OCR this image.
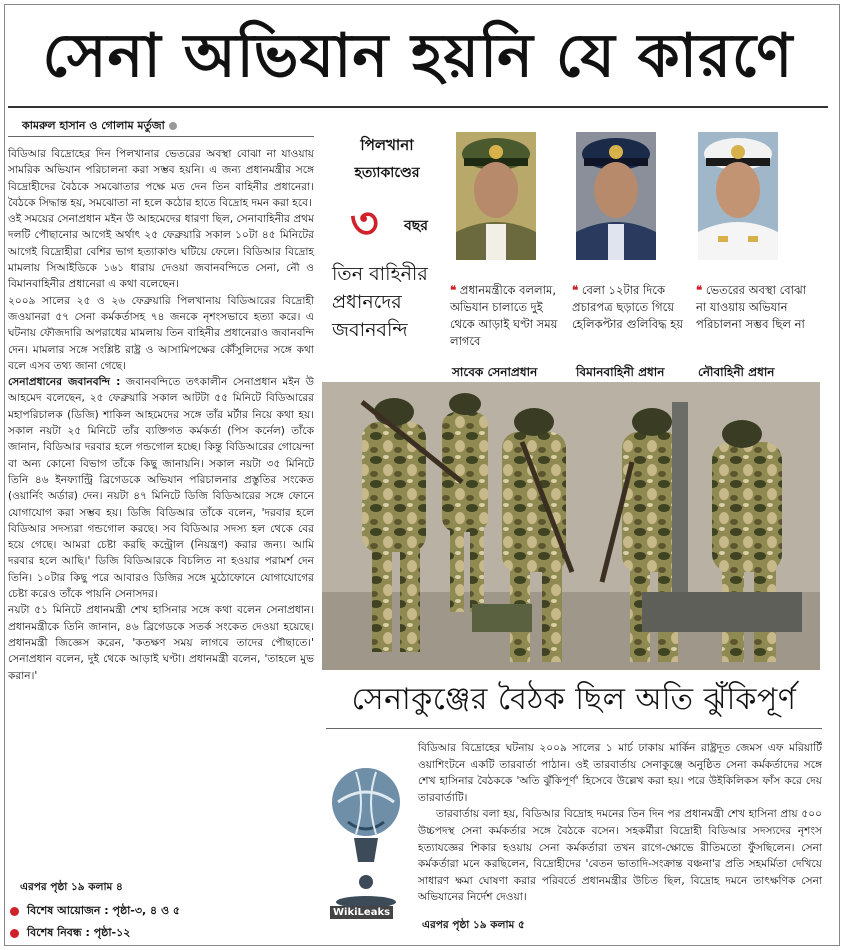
সেনা অভিযান হয়নি যে কারণে
কামরুল হাসান ও গোলাম মর্তুজা

বিডিআর বিদ্রোহের দিন পিলখানার ভেতরের অবস্থা বোঝা না যাওয়ায় সামরিক অভিযান পরিচালনা করা সম্ভব হয়নি। এ জন্য প্রধানমন্ত্রীর সঙ্গে বিদ্রোহীদের বৈঠকে সমঝোতার পক্ষে মত দেন তিন বাহিনীর প্রধানেরা। বৈঠকে সিদ্ধান্ত হয়, সমঝোতা না হলে কঠোর হাতে বিদ্রোহ দমন করা হবে।

ওই সময়ের সেনাপ্রধান মইন উ আহমেদের ধারণা ছিল, সেনাবাহিনীর প্রথম দলটি পৌছানোর আগেই অর্থাৎ ২৫ ফেব্রুয়ারি সকাল ১০টা ৪৫ মিনিটের আগেই বিদ্রোহীরা বেশির ভাগ হত্যাকাণ্ড ঘটিয়ে ফেলে। বিডিআর বিদ্রোহ মামলায় সিআইডিকে ১৬১ ধারায় দেওয়া জবানবন্দিতে সেনা, নৌ ও বিমানবাহিনীর প্রধানেরা এ কথা বলেছেন।

২০০৯ সালের ২৫ ও ২৬ ফেব্রুয়ারি পিলখানায় বিডিআরের বিদ্রোহী জওয়ানরা ৫৭ সেনা কর্মকর্তাসহ ৭৪ জনকে নৃশংসভাবে হত্যা করে। এ ঘটনায় ফৌজদারি অপরাধের মামলায় তিন বাহিনীর প্রধানেরাও জবানবন্দি দেন। মামলার সঙ্গে সংশ্লিষ্ট রাষ্ট্র ও আসামিপক্ষের কৌঁসুলিদের সঙ্গে কথা বলে এসব তথ্য জানা গেছে।

সেনাপ্রধানের জবানবন্দি : জবানবন্দিতে তৎকালীন সেনাপ্রধান মইন উ আহমেদ বলেছেন, ২৫ ফেব্রুয়ারি সকাল আটটা ৫৫ মিনিটে বিডিআরের মহাপরিচালক (ডিজি) শাকিল আহমেদের সঙ্গে তাঁর মর্টার নিয়ে কথা হয়। সকাল নয়টা ২৫ মিনিটে তাঁর ব্যক্তিগত কর্মকর্তা (পিস কর্নেল) তাঁকে জানান, বিডিআর দরবার হলে গন্ডগোল হচ্ছে। কিন্তু বিডিআরের গোয়েন্দা বা অন্য কোনো বিভাগ তাঁকে কিছু জানায়নি। সকাল নয়টা ৩৫ মিনিটে তিনি ৪৬ ইনফ্যান্ট্রি ব্রিগেডকে অভিযান পরিচালনার প্রস্তুতির সংকেত (ওয়ার্নিং অর্ডার) দেন। নয়টা ৪৭ মিনিটে ডিজি বিডিআরের সঙ্গে ফোনে যোগাযোগ করা সম্ভব হয়। ডিজি বিডিআর তাঁকে বলেন, 'দরবার হলে বিডিআর সদস্যরা গন্ডগোল করছে। সব বিডিআর সদস্য হল থেকে বের হয়ে গেছে। আমরা চেষ্টা করছি কন্ট্রোল (নিয়ন্ত্রণ) করার জন্য। আমি দরবার হলে আছি।' ডিজি বিডিআরকে বিচলিত না হওয়ার পরামর্শ দেন তিনি। ১০টার কিছু পরে আবারও ডিজির সঙ্গে মুঠোফোনে যোগাযোগের চেষ্টা করেও তাঁকে পায়নি সেনাসদর।

নয়টা ৫১ মিনিটে প্রধানমন্ত্রী শেখ হাসিনার সঙ্গে কথা বলেন সেনাপ্রধান। প্রধানমন্ত্রীকে তিনি জানান, ৪৬ ব্রিগেডকে সতর্ক সংকেত দেওয়া হয়েছে। প্রধানমন্ত্রী জিজ্ঞেস করেন, 'কতক্ষণ সময় লাগবে তাদের পৌছাতে।' সেনাপ্রধান বলেন, দুই থেকে আড়াই ঘণ্টা। প্রধানমন্ত্রী বলেন, 'তাহলে মুভ করান।'

এরপর পৃষ্ঠা ১৯ কলাম ৪
বিশেষ আয়োজন : পৃষ্ঠা-৩, ৪ ও ৫
বিশেষ নিবন্ধ : পৃষ্ঠা-১২
পিলখানা
হত্যাকাণ্ডের
৩ বছর
তিন বাহিনীর প্রধানদের জবানবন্দি
❝ প্রধানমন্ত্রীকে বললাম, অভিযান চালাতে দুই থেকে আড়াই ঘণ্টা সময় লাগবে
❝ বেলা ১২টার দিকে প্রচারপত্র ছড়াতে গিয়ে হেলিকপ্টার গুলিবিদ্ধ হয়
❝ ভেতরের অবস্থা বোঝা না যাওয়ায় অভিযান পরিচালনা সম্ভব ছিল না
সাবেক সেনাপ্রধান	বিমানবাহিনী প্রধান	নৌবাহিনী প্রধান
সেনাকুঞ্জের বৈঠক ছিল অতি ঝুঁকিপূর্ণ
WikiLeaks

বিডিআর বিদ্রোহের ঘটনায় ২০০৯ সালের ১ মার্চ ঢাকায় মার্কিন রাষ্ট্রদূত জেমস এফ মরিয়ার্টি ওয়াশিংটনে একটি তারবার্তা পাঠান। ওই তারবার্তায় সেনাকুঞ্জে অনুষ্ঠিত সেনা কর্মকর্তাদের সঙ্গে শেখ হাসিনার বৈঠককে 'অতি ঝুঁকিপূর্ণ' হিসেবে উল্লেখ করা হয়। পরে উইকিলিকস ফাঁস করে দেয় তারবার্তাটি।

তারবার্তায় বলা হয়, বিডিআর বিদ্রোহ দমনের তিন দিন পর প্রধানমন্ত্রী শেখ হাসিনা প্রায় ৫০০ উচ্চপদস্থ সেনা কর্মকর্তার সঙ্গে বৈঠকে বসেন। সহকর্মীরা বিদ্রোহী বিডিআর সদস্যদের নৃশংস হত্যাযজ্ঞের শিকার হওয়ায় সেনা কর্মকর্তারা তখন রাগে-ক্ষোভে রীতিমতো ফুঁসছিলেন। সেনা কর্মকর্তারা মনে করছিলেন, বিদ্রোহীদের 'বেতন ভাতাদি-সংক্রান্ত বঞ্চনা'র প্রতি সহমর্মিতা দেখিয়ে সাধারণ ক্ষমা ঘোষণা করার পরিবর্তে প্রধানমন্ত্রীর উচিত ছিল, বিদ্রোহ দমনে তাৎক্ষণিক সেনা অভিযানের নির্দেশ দেওয়া।

এরপর পৃষ্ঠা ১৯ কলাম ৫
